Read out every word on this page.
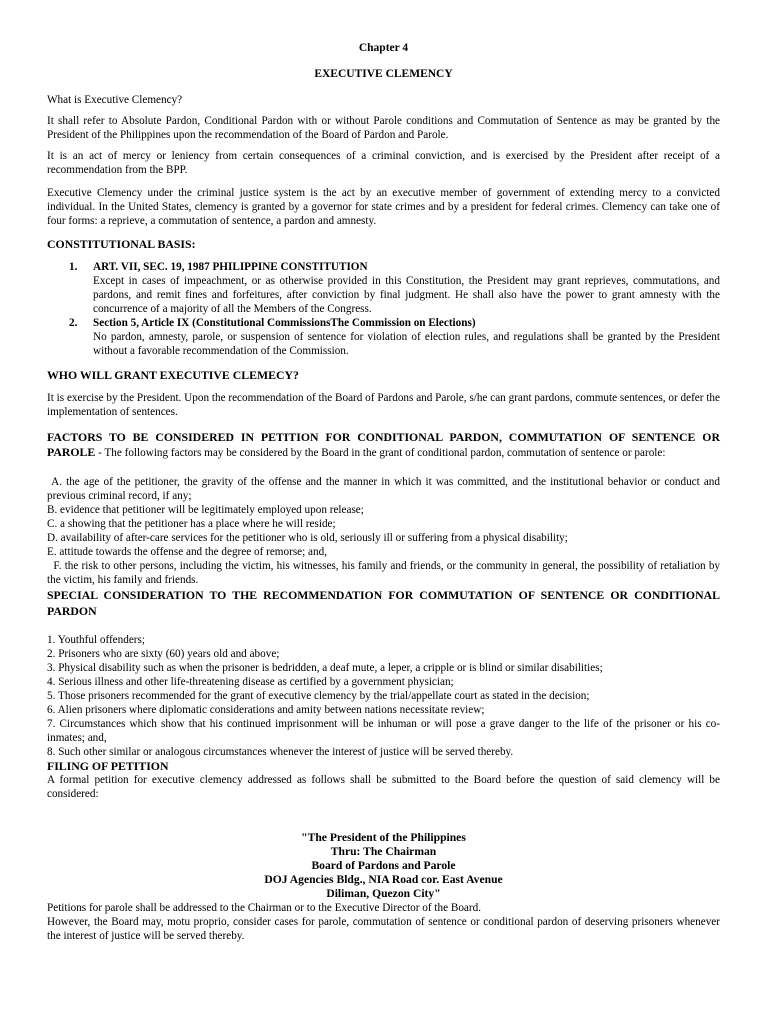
Chapter 4

EXECUTIVE CLEMENCY

What is Executive Clemency?

It shall refer to Absolute Pardon, Conditional Pardon with or without Parole conditions and Commutation of Sentence as may be granted by the President of the Philippines upon the recommendation of the Board of Pardon and Parole.

It is an act of mercy or leniency from certain consequences of a criminal conviction, and is exercised by the President after receipt of a recommendation from the BPP.

Executive Clemency under the criminal justice system is the act by an executive member of government of extending mercy to a convicted individual. In the United States, clemency is granted by a governor for state crimes and by a president for federal crimes. Clemency can take one of four forms: a reprieve, a commutation of sentence, a pardon and amnesty.

CONSTITUTIONAL BASIS:

1. ART. VII, SEC. 19, 1987 PHILIPPINE CONSTITUTION

Except in cases of impeachment, or as otherwise provided in this Constitution, the President may grant reprieves, commutations, and pardons, and remit fines and forfeitures, after conviction by final judgment. He shall also have the power to grant amnesty with the concurrence of a majority of all the Members of the Congress.

2. Section 5, Article IX (Constitutional CommissionsThe Commission on Elections)

No pardon, amnesty, parole, or suspension of sentence for violation of election rules, and regulations shall be granted by the President without a favorable recommendation of the Commission.

WHO WILL GRANT EXECUTIVE CLEMECY?

It is exercise by the President. Upon the recommendation of the Board of Pardons and Parole, s/he can grant pardons, commute sentences, or defer the implementation of sentences.

FACTORS TO BE CONSIDERED IN PETITION FOR CONDITIONAL PARDON, COMMUTATION OF SENTENCE OR PAROLE - The following factors may be considered by the Board in the grant of conditional pardon, commutation of sentence or parole:

A. the age of the petitioner, the gravity of the offense and the manner in which it was committed, and the institutional behavior or conduct and previous criminal record, if any;

B. evidence that petitioner will be legitimately employed upon release;

C. a showing that the petitioner has a place where he will reside;

D. availability of after-care services for the petitioner who is old, seriously ill or suffering from a physical disability;

E. attitude towards the offense and the degree of remorse; and,

F. the risk to other persons, including the victim, his witnesses, his family and friends, or the community in general, the possibility of retaliation by the victim, his family and friends.

SPECIAL CONSIDERATION TO THE RECOMMENDATION FOR COMMUTATION OF SENTENCE OR CONDITIONAL PARDON

1. Youthful offenders;

2. Prisoners who are sixty (60) years old and above;

3. Physical disability such as when the prisoner is bedridden, a deaf mute, a leper, a cripple or is blind or similar disabilities;

4. Serious illness and other life-threatening disease as certified by a government physician;

5. Those prisoners recommended for the grant of executive clemency by the trial/appellate court as stated in the decision;

6. Alien prisoners where diplomatic considerations and amity between nations necessitate review;

7. Circumstances which show that his continued imprisonment will be inhuman or will pose a grave danger to the life of the prisoner or his co-inmates; and,

8. Such other similar or analogous circumstances whenever the interest of justice will be served thereby.

FILING OF PETITION

A formal petition for executive clemency addressed as follows shall be submitted to the Board before the question of said clemency will be considered:

"The President of the Philippines

Thru: The Chairman

Board of Pardons and Parole

DOJ Agencies Bldg., NIA Road cor. East Avenue

Diliman, Quezon City"

Petitions for parole shall be addressed to the Chairman or to the Executive Director of the Board.

However, the Board may, motu proprio, consider cases for parole, commutation of sentence or conditional pardon of deserving prisoners whenever the interest of justice will be served thereby.
